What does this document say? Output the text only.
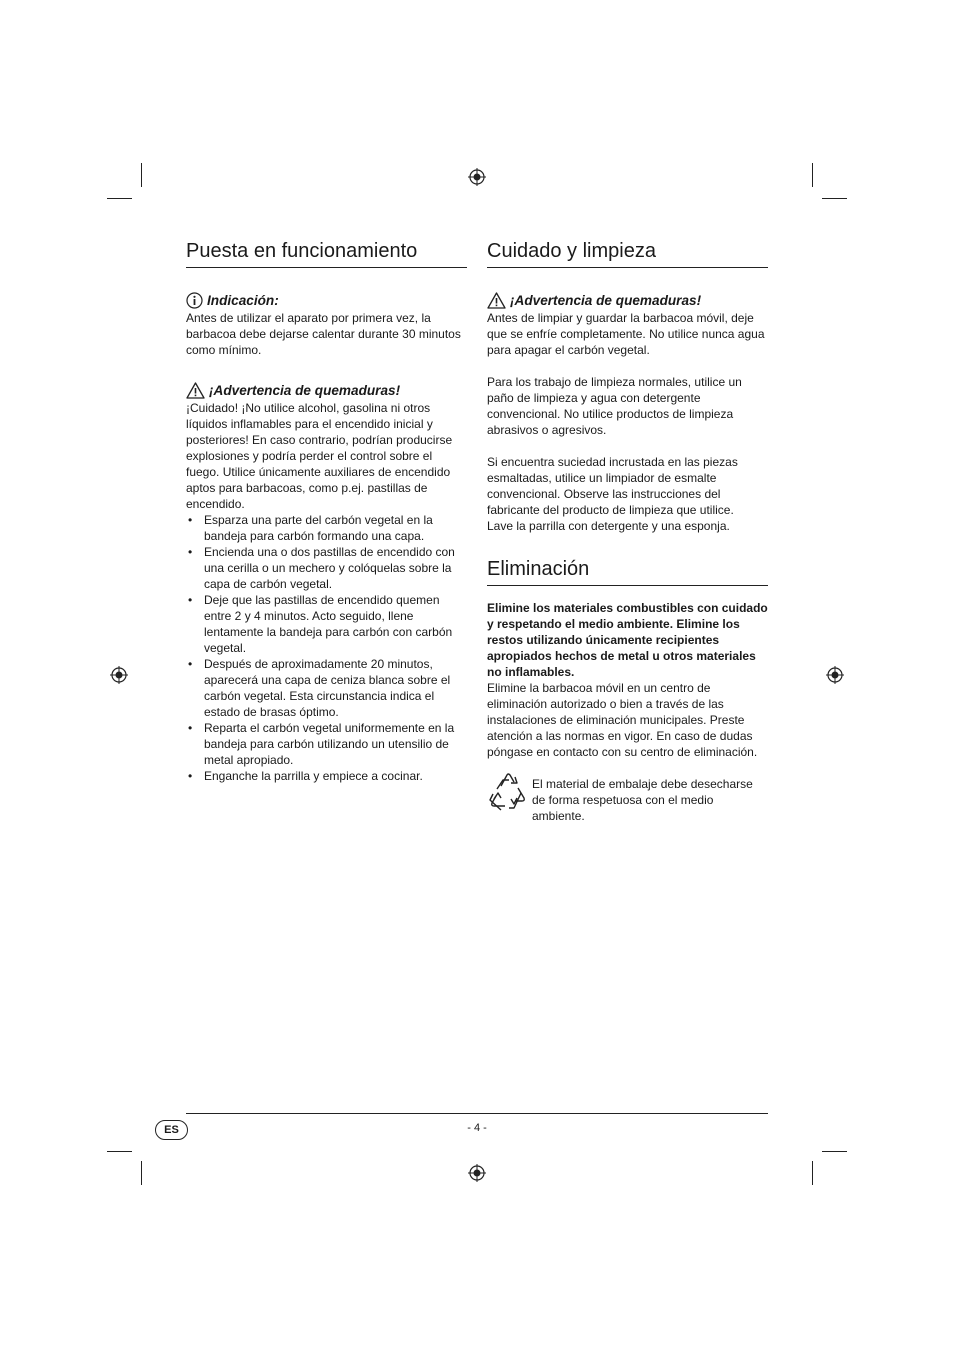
Puesta en funcionamiento
Indicación:

Antes de utilizar el aparato por primera vez, la barbacoa debe dejarse calentar durante 30 minutos como mínimo.

¡Advertencia de quemaduras!

¡Cuidado! ¡No utilice alcohol, gasolina ni otros líquidos inflamables para el encendido inicial y posteriores! En caso contrario, podrían producirse explosiones y podría perder el control sobre el fuego. Utilice únicamente auxiliares de encendido aptos para barbacoas, como p.ej. pastillas de encendido.

• Esparza una parte del carbón vegetal en la bandeja para carbón formando una capa.
• Encienda una o dos pastillas de encendido con una cerilla o un mechero y colóquelas sobre la capa de carbón vegetal.
• Deje que las pastillas de encendido quemen entre 2 y 4 minutos. Acto seguido, llene lentamente la bandeja para carbón con carbón vegetal.
• Después de aproximadamente 20 minutos, aparecerá una capa de ceniza blanca sobre el carbón vegetal. Esta circunstancia indica el estado de brasas óptimo.
• Reparta el carbón vegetal uniformemente en la bandeja para carbón utilizando un utensilio de metal apropiado.
• Enganche la parrilla y empiece a cocinar.
Cuidado y limpieza
¡Advertencia de quemaduras!

Antes de limpiar y guardar la barbacoa móvil, deje que se enfríe completamente. No utilice nunca agua para apagar el carbón vegetal.

Para los trabajo de limpieza normales, utilice un paño de limpieza y agua con detergente convencional. No utilice productos de limpieza abrasivos o agresivos.

Si encuentra suciedad incrustada en las piezas esmaltadas, utilice un limpiador de esmalte convencional. Observe las instrucciones del fabricante del producto de limpieza que utilice.

Lave la parrilla con detergente y una esponja.

Eliminación

Elimine los materiales combustibles con cuidado y respetando el medio ambiente. Elimine los restos utilizando únicamente recipientes apropiados hechos de metal u otros materiales no inflamables.

Elimine la barbacoa móvil en un centro de eliminación autorizado o bien a través de las instalaciones de eliminación municipales. Preste atención a las normas en vigor. En caso de dudas póngase en contacto con su centro de eliminación.

El material de embalaje debe desecharse de forma respetuosa con el medio ambiente.

ES	- 4 -
